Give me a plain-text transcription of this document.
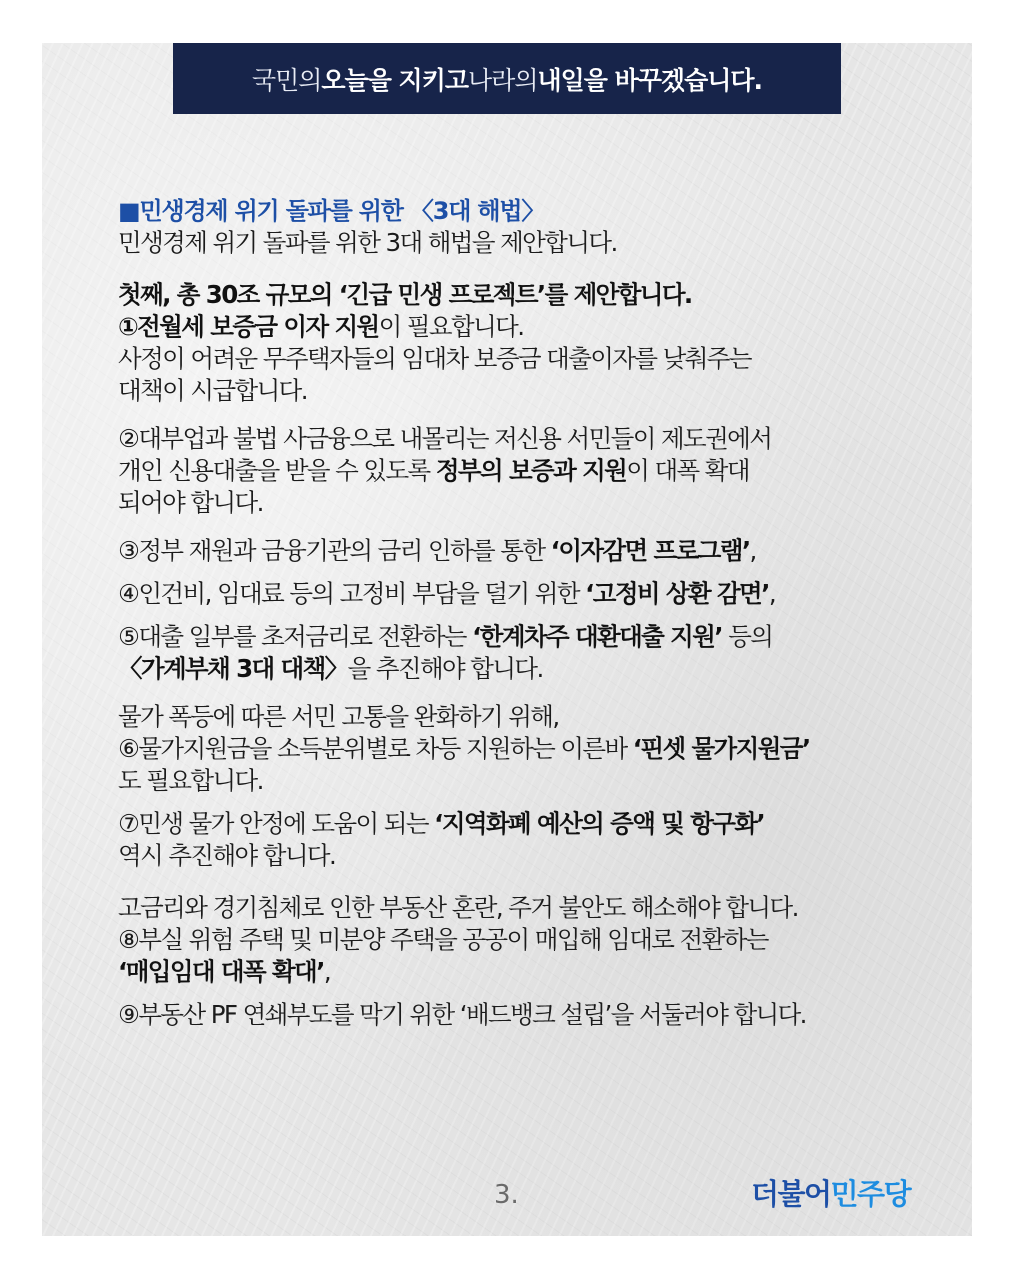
국민의 오늘을 지키고 나라의 내일을 바꾸겠습니다.

■민생경제 위기 돌파를 위한 〈3대 해법〉

민생경제 위기 돌파를 위한 3대 해법을 제안합니다.

첫째, 총 30조 규모의 ‘긴급 민생 프로젝트’를 제안합니다.

①전월세 보증금 이자 지원이 필요합니다.

사정이 어려운 무주택자들의 임대차 보증금 대출이자를 낮춰주는

대책이 시급합니다.

②대부업과 불법 사금융으로 내몰리는 저신용 서민들이 제도권에서

개인 신용대출을 받을 수 있도록 정부의 보증과 지원이 대폭 확대

되어야 합니다.

③정부 재원과 금융기관의 금리 인하를 통한 ‘이자감면 프로그램’,

④인건비, 임대료 등의 고정비 부담을 덜기 위한 ‘고정비 상환 감면’,

⑤대출 일부를 초저금리로 전환하는 ‘한계차주 대환대출 지원’ 등의

〈가계부채 3대 대책〉을 추진해야 합니다.

물가 폭등에 따른 서민 고통을 완화하기 위해,

⑥물가지원금을 소득분위별로 차등 지원하는 이른바 ‘핀셋 물가지원금’

도 필요합니다.

⑦민생 물가 안정에 도움이 되는 ‘지역화폐 예산의 증액 및 항구화’

역시 추진해야 합니다.

고금리와 경기침체로 인한 부동산 혼란, 주거 불안도 해소해야 합니다.

⑧부실 위험 주택 및 미분양 주택을 공공이 매입해 임대로 전환하는

‘매입임대 대폭 확대’,

⑨부동산 PF 연쇄부도를 막기 위한 ‘배드뱅크 설립’을 서둘러야 합니다.

3.	더불어민주당
